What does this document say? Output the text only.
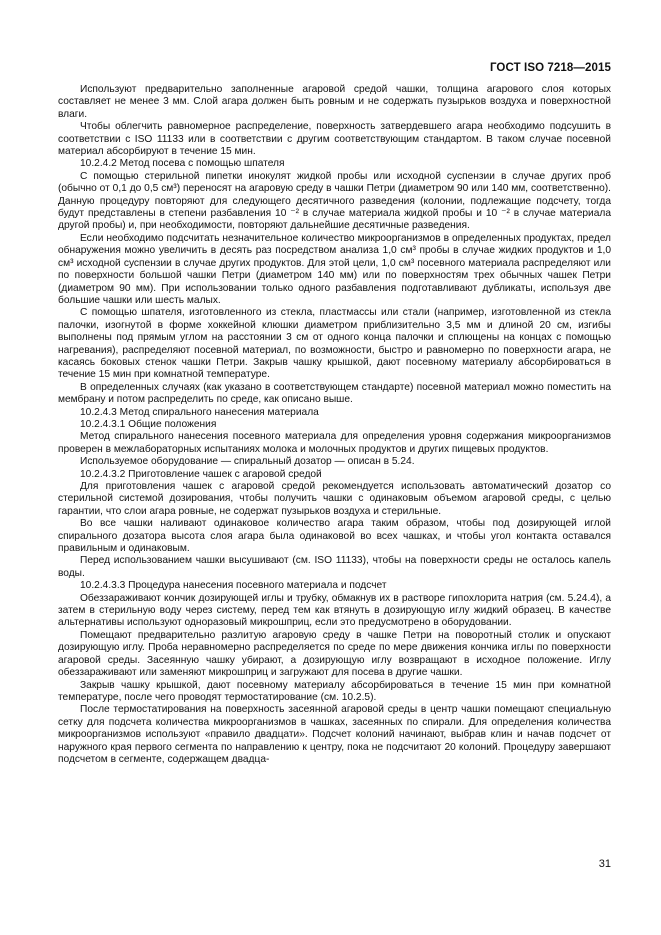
ГОСТ ISO 7218—2015

Используют предварительно заполненные агаровой средой чашки, толщина агарового слоя которых составляет не менее 3 мм. Слой агара должен быть ровным и не содержать пузырьков воздуха и поверхностной влаги.

Чтобы облегчить равномерное распределение, поверхность затвердевшего агара необходимо подсушить в соответствии с ISO 11133 или в соответствии с другим соответствующим стандартом. В таком случае посевной материал абсорбируют в течение 15 мин.

10.2.4.2 Метод посева с помощью шпателя

С помощью стерильной пипетки инокулят жидкой пробы или исходной суспензии в случае других проб (обычно от 0,1 до 0,5 см³) переносят на агаровую среду в чашки Петри (диаметром 90 или 140 мм, соответственно). Данную процедуру повторяют для следующего десятичного разведения (колонии, подлежащие подсчету, тогда будут представлены в степени разбавления 10 ⁻² в случае материала жидкой пробы и 10 ⁻² в случае материала другой пробы) и, при необходимости, повторяют дальнейшие десятичные разведения.

Если необходимо подсчитать незначительное количество микроорганизмов в определенных продуктах, предел обнаружения можно увеличить в десять раз посредством анализа 1,0 см³ пробы в случае жидких продуктов и 1,0 см³ исходной суспензии в случае других продуктов. Для этой цели, 1,0 см³ посевного материала распределяют или по поверхности большой чашки Петри (диаметром 140 мм) или по поверхностям трех обычных чашек Петри (диаметром 90 мм). При использовании только одного разбавления подготавливают дубликаты, используя две большие чашки или шесть малых.

С помощью шпателя, изготовленного из стекла, пластмассы или стали (например, изготовленной из стекла палочки, изогнутой в форме хоккейной клюшки диаметром приблизительно 3,5 мм и длиной 20 см, изгибы выполнены под прямым углом на расстоянии 3 см от одного конца палочки и сплющены на концах с помощью нагревания), распределяют посевной материал, по возможности, быстро и равномерно по поверхности агара, не касаясь боковых стенок чашки Петри. Закрыв чашку крышкой, дают посевному материалу абсорбироваться в течение 15 мин при комнатной температуре.

В определенных случаях (как указано в соответствующем стандарте) посевной материал можно поместить на мембрану и потом распределить по среде, как описано выше.

10.2.4.3 Метод спирального нанесения материала

10.2.4.3.1 Общие положения

Метод спирального нанесения посевного материала для определения уровня содержания микроорганизмов проверен в межлабораторных испытаниях молока и молочных продуктов и других пищевых продуктов.

Используемое оборудование — спиральный дозатор — описан в 5.24.

10.2.4.3.2 Приготовление чашек с агаровой средой

Для приготовления чашек с агаровой средой рекомендуется использовать автоматический дозатор со стерильной системой дозирования, чтобы получить чашки с одинаковым объемом агаровой среды, с целью гарантии, что слои агара ровные, не содержат пузырьков воздуха и стерильные.

Во все чашки наливают одинаковое количество агара таким образом, чтобы под дозирующей иглой спирального дозатора высота слоя агара была одинаковой во всех чашках, и чтобы угол контакта оставался правильным и одинаковым.

Перед использованием чашки высушивают (см. ISO 11133), чтобы на поверхности среды не осталось капель воды.

10.2.4.3.3 Процедура нанесения посевного материала и подсчет

Обеззараживают кончик дозирующей иглы и трубку, обмакнув их в растворе гипохлорита натрия (см. 5.24.4), а затем в стерильную воду через систему, перед тем как втянуть в дозирующую иглу жидкий образец. В качестве альтернативы используют одноразовый микрошприц, если это предусмотрено в оборудовании.

Помещают предварительно разлитую агаровую среду в чашке Петри на поворотный столик и опускают дозирующую иглу. Проба неравномерно распределяется по среде по мере движения кончика иглы по поверхности агаровой среды. Засеянную чашку убирают, а дозирующую иглу возвращают в исходное положение. Иглу обеззараживают или заменяют микрошприц и загружают для посева в другие чашки.

Закрыв чашку крышкой, дают посевному материалу абсорбироваться в течение 15 мин при комнатной температуре, после чего проводят термостатирование (см. 10.2.5).

После термостатирования на поверхность засеянной агаровой среды в центр чашки помещают специальную сетку для подсчета количества микроорганизмов в чашках, засеянных по спирали. Для определения количества микроорганизмов используют «правило двадцати». Подсчет колоний начинают, выбрав клин и начав подсчет от наружного края первого сегмента по направлению к центру, пока не подсчитают 20 колоний. Процедуру завершают подсчетом в сегменте, содержащем двадца-

31
